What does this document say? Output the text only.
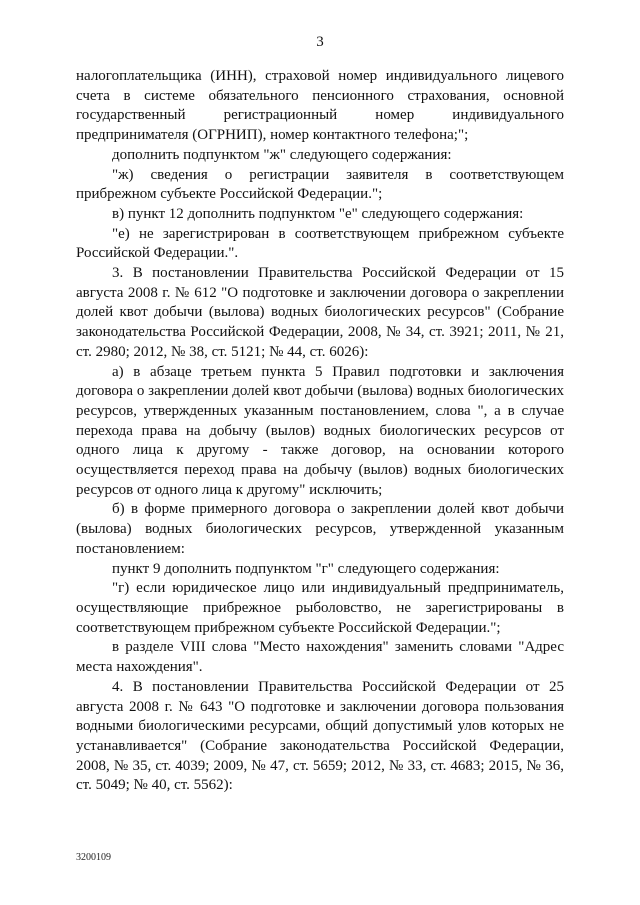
3

налогоплательщика (ИНН), страховой номер индивидуального лицевого счета в системе обязательного пенсионного страхования, основной государственный регистрационный номер индивидуального предпринимателя (ОГРНИП), номер контактного телефона;";

дополнить подпунктом "ж" следующего содержания:

"ж) сведения о регистрации заявителя в соответствующем прибрежном субъекте Российской Федерации.";

в) пункт 12 дополнить подпунктом "е" следующего содержания:

"е) не зарегистрирован в соответствующем прибрежном субъекте Российской Федерации.".

3. В постановлении Правительства Российской Федерации от 15 августа 2008 г. № 612 "О подготовке и заключении договора о закреплении долей квот добычи (вылова) водных биологических ресурсов" (Собрание законодательства Российской Федерации, 2008, № 34, ст. 3921; 2011, № 21, ст. 2980; 2012, № 38, ст. 5121; № 44, ст. 6026):

а) в абзаце третьем пункта 5 Правил подготовки и заключения договора о закреплении долей квот добычи (вылова) водных биологических ресурсов, утвержденных указанным постановлением, слова ", а в случае перехода права на добычу (вылов) водных биологических ресурсов от одного лица к другому - также договор, на основании которого осуществляется переход права на добычу (вылов) водных биологических ресурсов от одного лица к другому" исключить;

б) в форме примерного договора о закреплении долей квот добычи (вылова) водных биологических ресурсов, утвержденной указанным постановлением:

пункт 9 дополнить подпунктом "г" следующего содержания:

"г) если юридическое лицо или индивидуальный предприниматель, осуществляющие прибрежное рыболовство, не зарегистрированы в соответствующем прибрежном субъекте Российской Федерации.";

в разделе VIII слова "Место нахождения" заменить словами "Адрес места нахождения".

4. В постановлении Правительства Российской Федерации от 25 августа 2008 г. № 643 "О подготовке и заключении договора пользования водными биологическими ресурсами, общий допустимый улов которых не устанавливается" (Собрание законодательства Российской Федерации, 2008, № 35, ст. 4039; 2009, № 47, ст. 5659; 2012, № 33, ст. 4683; 2015, № 36, ст. 5049; № 40, ст. 5562):

3200109
